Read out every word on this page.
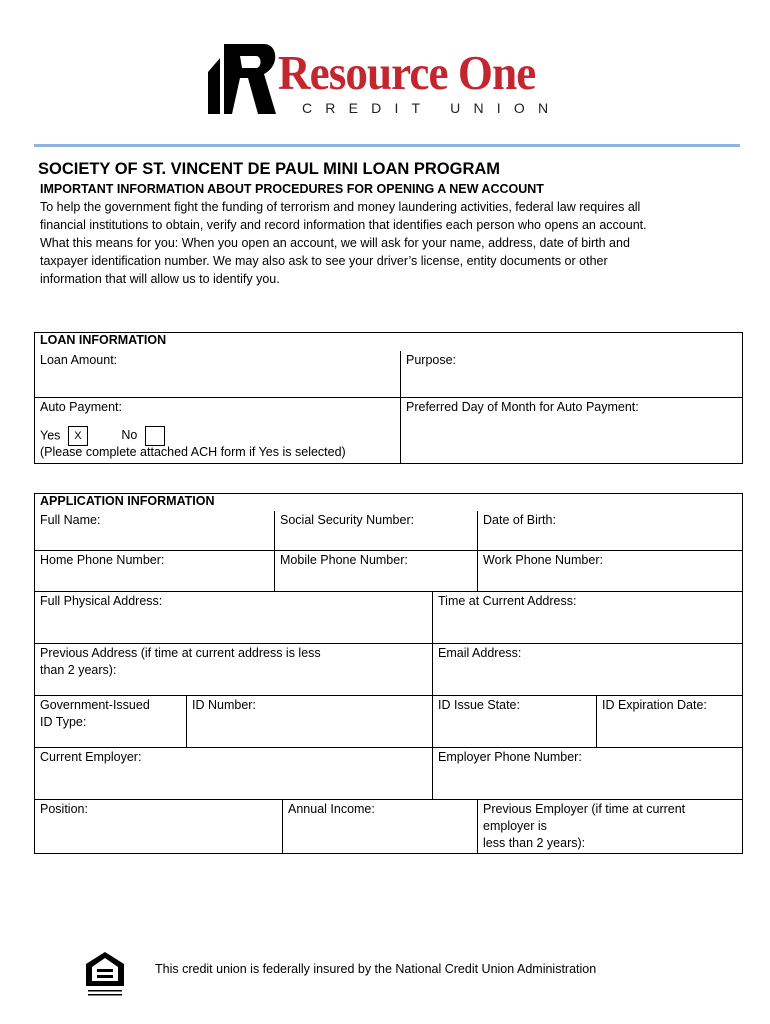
Resource One
CREDIT UNION
SOCIETY OF ST. VINCENT DE PAUL MINI LOAN PROGRAM
IMPORTANT INFORMATION ABOUT PROCEDURES FOR OPENING A NEW ACCOUNT
To help the government fight the funding of terrorism and money laundering activities, federal law requires all
financial institutions to obtain, verify and record information that identifies each person who opens an account.
What this means for you: When you open an account, we will ask for your name, address, date of birth and
taxpayer identification number. We may also ask to see your driver’s license, entity documents or other
information that will allow us to identify you.
LOAN INFORMATION	
Loan Amount:	Purpose:

Auto Payment:
Yes X No
(Please complete attached ACH form if Yes is selected)	Preferred Day of Month for Auto Payment:
APPLICATION INFORMATION						
Full Name:		Social Security Number:			Date of Birth:	
Home Phone Number:		Mobile Phone Number:			Work Phone Number:	
Full Physical Address:				Time at Current Address:		

Previous Address (if time at current address is less
than 2 years):				Email Address:		

Government-Issued
ID Type:	ID Number:			ID Issue State:		ID Expiration Date:
Current Employer:				Employer Phone Number:		
Position:			Annual Income:		Previous Employer (if time at current employer is
less than 2 years):	
This credit union is federally insured by the National Credit Union Administration
